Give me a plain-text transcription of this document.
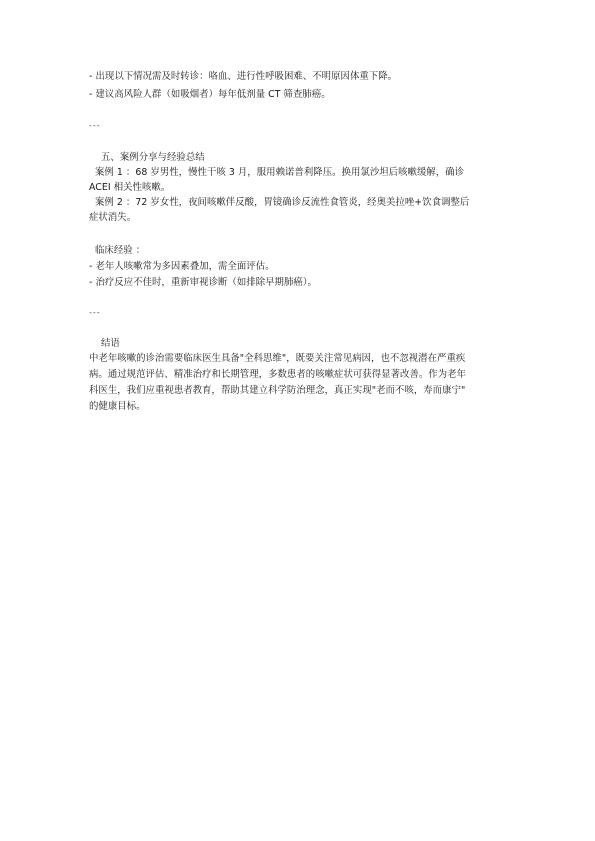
- 出现以下情况需及时转诊：咯血、进行性呼吸困难、不明原因体重下降。
- 建议高风险人群（如吸烟者）每年低剂量 CT 筛查肺癌。
---
五、案例分享与经验总结
案例 1 ：68 岁男性，慢性干咳 3 月，服用赖诺普利降压。换用氯沙坦后咳嗽缓解，确诊
ACEI 相关性咳嗽。
案例 2 ：72 岁女性，夜间咳嗽伴反酸，胃镜确诊反流性食管炎，经奥美拉唑+饮食调整后
症状消失。
临床经验 ：
- 老年人咳嗽常为多因素叠加，需全面评估。
- 治疗反应不佳时，重新审视诊断（如排除早期肺癌）。
---
结语
中老年咳嗽的诊治需要临床医生具备"全科思维"，既要关注常见病因，也不忽视潜在严重疾
病。通过规范评估、精准治疗和长期管理，多数患者的咳嗽症状可获得显著改善。作为老年
科医生，我们应重视患者教育，帮助其建立科学防治理念，真正实现"老而不咳，寿而康宁"
的健康目标。
